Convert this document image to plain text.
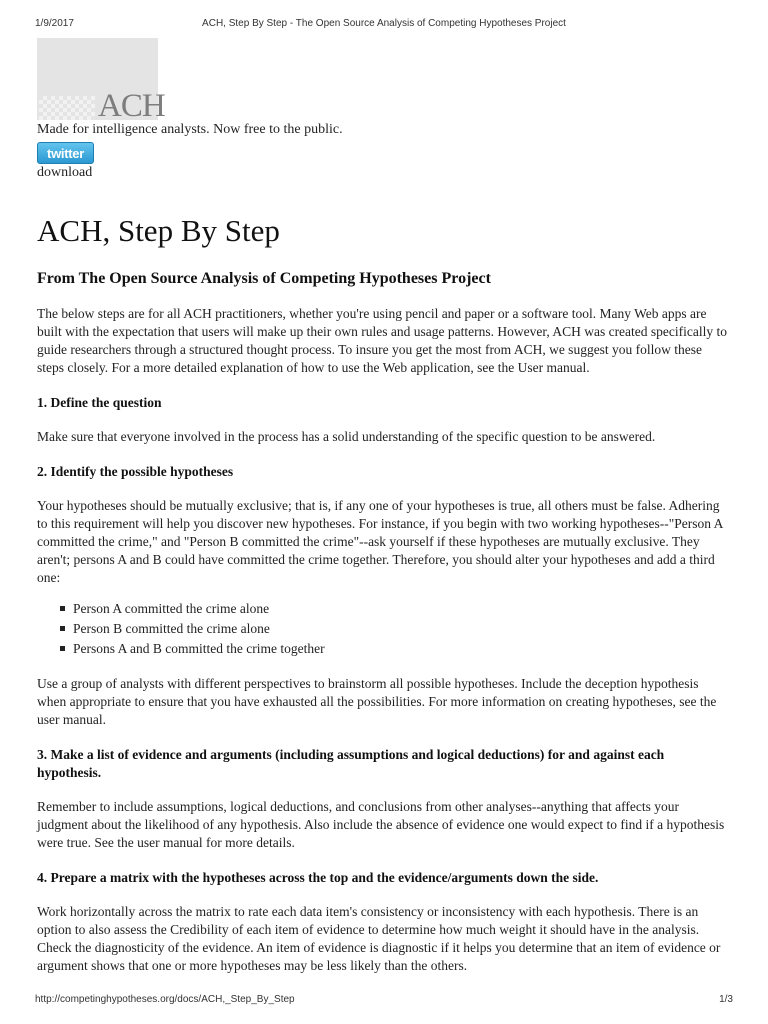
1/9/2017	ACH, Step By Step - The Open Source Analysis of Competing Hypotheses Project
ACH

Made for intelligence analysts. Now free to the public.

twitter

download

ACH, Step By Step
From The Open Source Analysis of Competing Hypotheses Project

The below steps are for all ACH practitioners, whether you're using pencil and paper or a software tool. Many Web apps are built with the expectation that users will make up their own rules and usage patterns. However, ACH was created specifically to guide researchers through a structured thought process. To insure you get the most from ACH, we suggest you follow these steps closely. For a more detailed explanation of how to use the Web application, see the User manual.

1. Define the question

Make sure that everyone involved in the process has a solid understanding of the specific question to be answered.

2. Identify the possible hypotheses

Your hypotheses should be mutually exclusive; that is, if any one of your hypotheses is true, all others must be false. Adhering to this requirement will help you discover new hypotheses. For instance, if you begin with two working hypotheses--"Person A committed the crime," and "Person B committed the crime"--ask yourself if these hypotheses are mutually exclusive. They aren't; persons A and B could have committed the crime together. Therefore, you should alter your hypotheses and add a third one:

Person A committed the crime alone
Person B committed the crime alone
Persons A and B committed the crime together

Use a group of analysts with different perspectives to brainstorm all possible hypotheses. Include the deception hypothesis when appropriate to ensure that you have exhausted all the possibilities. For more information on creating hypotheses, see the user manual.

3. Make a list of evidence and arguments (including assumptions and logical deductions) for and against each hypothesis.

Remember to include assumptions, logical deductions, and conclusions from other analyses--anything that affects your judgment about the likelihood of any hypothesis. Also include the absence of evidence one would expect to find if a hypothesis were true. See the user manual for more details.

4. Prepare a matrix with the hypotheses across the top and the evidence/arguments down the side.

Work horizontally across the matrix to rate each data item's consistency or inconsistency with each hypothesis. There is an option to also assess the Credibility of each item of evidence to determine how much weight it should have in the analysis. Check the diagnosticity of the evidence. An item of evidence is diagnostic if it helps you determine that an item of evidence or argument shows that one or more hypotheses may be less likely than the others.

http://competinghypotheses.org/docs/ACH,_Step_By_Step	1/3
